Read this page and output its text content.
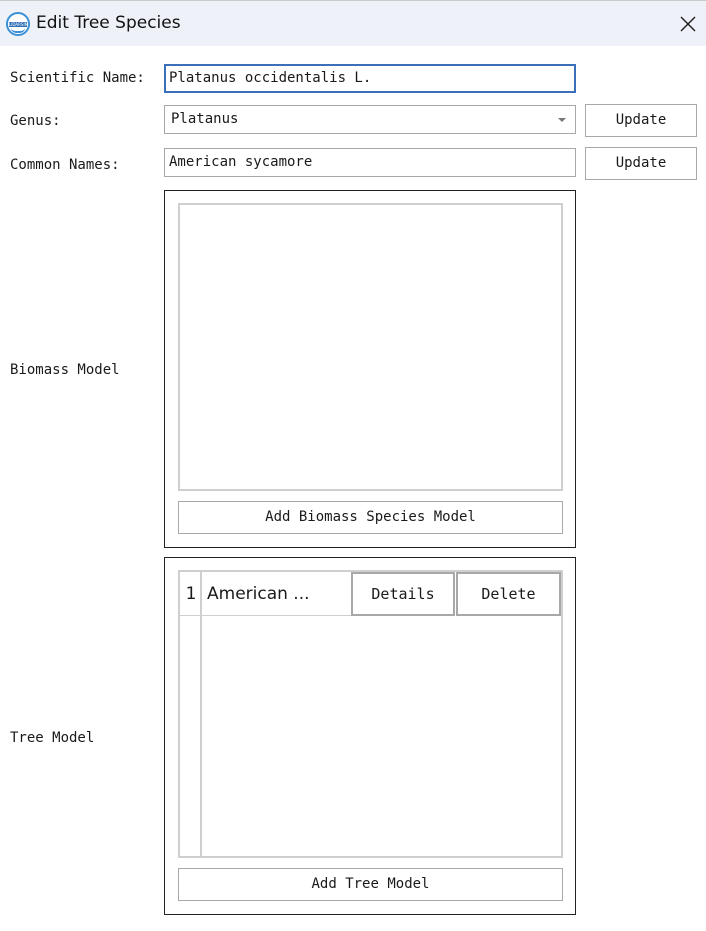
LIDARSIM Edit Tree Species
Scientific Name:	Platanus occidentalis L.
Genus:	Platanus	Update
Common Names:	American sycamore	Update
Biomass Model
Add Biomass Species Model
Tree Model
1 American ...	Details	Delete
Add Tree Model
